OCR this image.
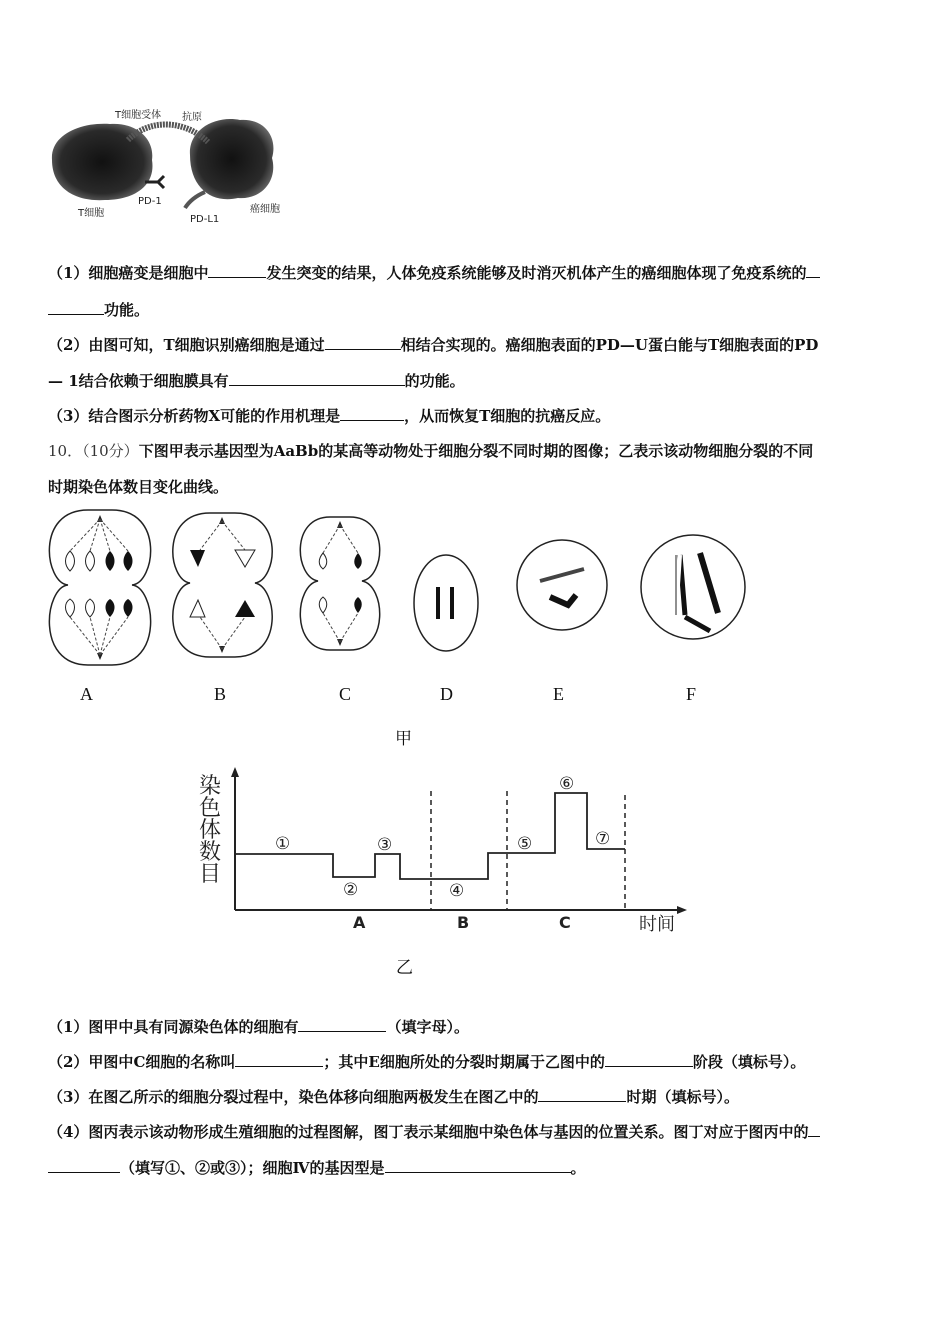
T细胞受体 抗原
T细胞
PD-1
PD-L1
癌细胞
（1）细胞癌变是细胞中	发生突变的结果，人体免疫系统能够及时消灭机体产生的癌细胞体现了免疫系统的
功能。
（2）由图可知，T细胞识别癌细胞是通过	相结合实现的。癌细胞表面的PD—U蛋白能与T细胞表面的PD
— 1结合依赖于细胞膜具有	的功能。
（3）结合图示分析药物X可能的作用机理是	，从而恢复T细胞的抗癌反应。
10．（10分）下图甲表示基因型为AaBb的某高等动物处于细胞分裂不同时期的图像；乙表示该动物细胞分裂的不同
时期染色体数目变化曲线。
A	B	C	D	E	F
甲
染
色
体
数
目
①
②
③
④
⑤
⑥
⑦
A	B	C	时间
乙
（1）图甲中具有同源染色体的细胞有	（填字母）。
（2）甲图中C细胞的名称叫	；其中E细胞所处的分裂时期属于乙图中的	阶段（填标号）。
（3）在图乙所示的细胞分裂过程中，染色体移向细胞两极发生在图乙中的	时期（填标号）。
（4）图丙表示该动物形成生殖细胞的过程图解，图丁表示某细胞中染色体与基因的位置关系。图丁对应于图丙中的
（填写①、②或③）；细胞Ⅳ的基因型是	。
